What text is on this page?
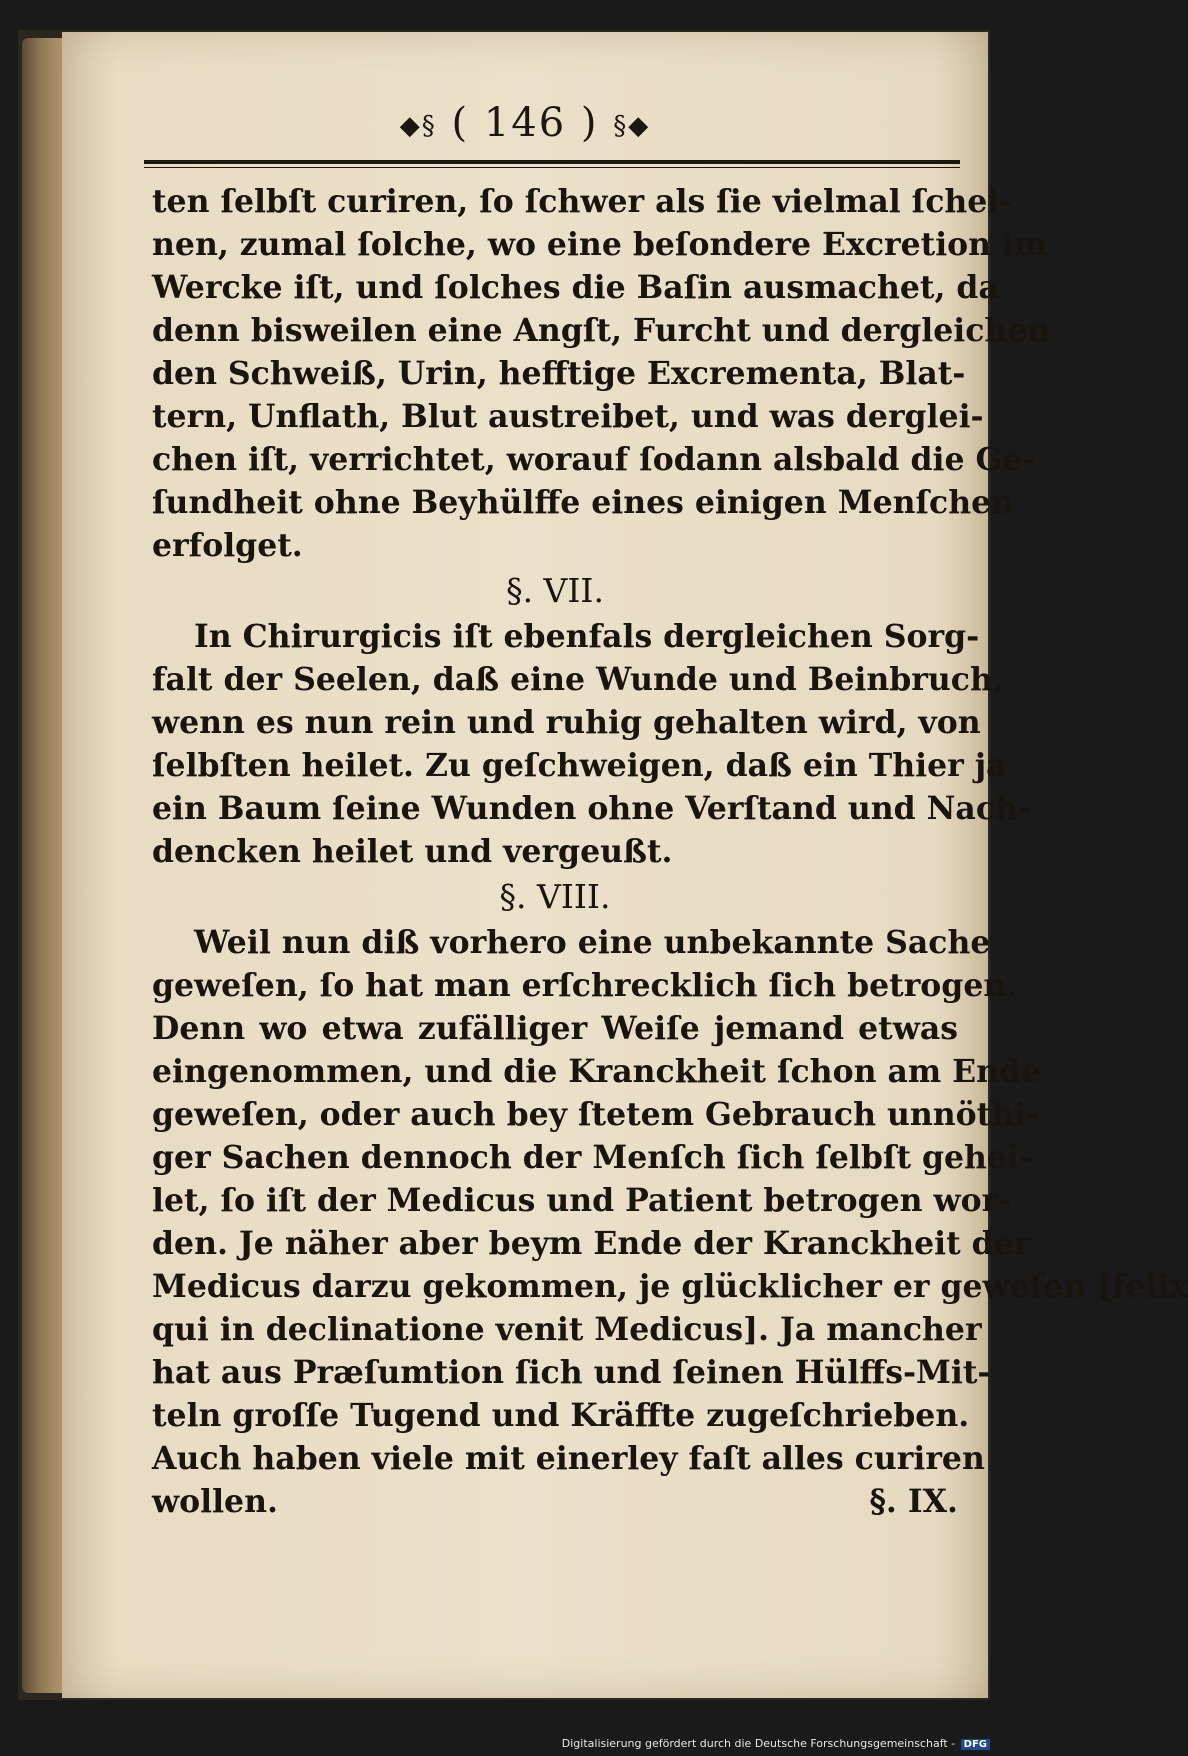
◆§ ( 146 ) §◆
ten ſelbſt curiren, ſo ſchwer als ſie vielmal ſchei-
nen, zumal ſolche, wo eine beſondere Excretion im
Wercke iſt, und ſolches die Baſin ausmachet, da
denn bisweilen eine Angſt, Furcht und dergleichen
den Schweiß, Urin, hefftige Excrementa, Blat-
tern, Unflath, Blut austreibet, und was derglei-
chen iſt, verrichtet, worauf ſodann alsbald die Ge-
ſundheit ohne Beyhülffe eines einigen Menſchen
erfolget.
§. VII.
In Chirurgicis iſt ebenfals dergleichen Sorg-
falt der Seelen, daß eine Wunde und Beinbruch,
wenn es nun rein und ruhig gehalten wird, von
ſelbſten heilet. Zu geſchweigen, daß ein Thier ja
ein Baum ſeine Wunden ohne Verſtand und Nach-
dencken heilet und vergeußt.
§. VIII.
Weil nun diß vorhero eine unbekannte Sache
geweſen, ſo hat man erſchrecklich ſich betrogen.
Denn wo etwa zufälliger Weiſe jemand etwas
eingenommen, und die Kranckheit ſchon am Ende
geweſen, oder auch bey ſtetem Gebrauch unnöthi-
ger Sachen dennoch der Menſch ſich ſelbſt gehei-
let, ſo iſt der Medicus und Patient betrogen wor-
den. Je näher aber beym Ende der Kranckheit der
Medicus darzu gekommen, je glücklicher er geweſen [felix
qui in declinatione venit Medicus]. Ja mancher
hat aus Præſumtion ſich und ſeinen Hülffs-Mit-
teln groſſe Tugend und Kräffte zugeſchrieben.
Auch haben viele mit einerley faſt alles curiren
wollen.	§. IX.
Digitalisierung gefördert durch die Deutsche Forschungsgemeinschaft - DFG
